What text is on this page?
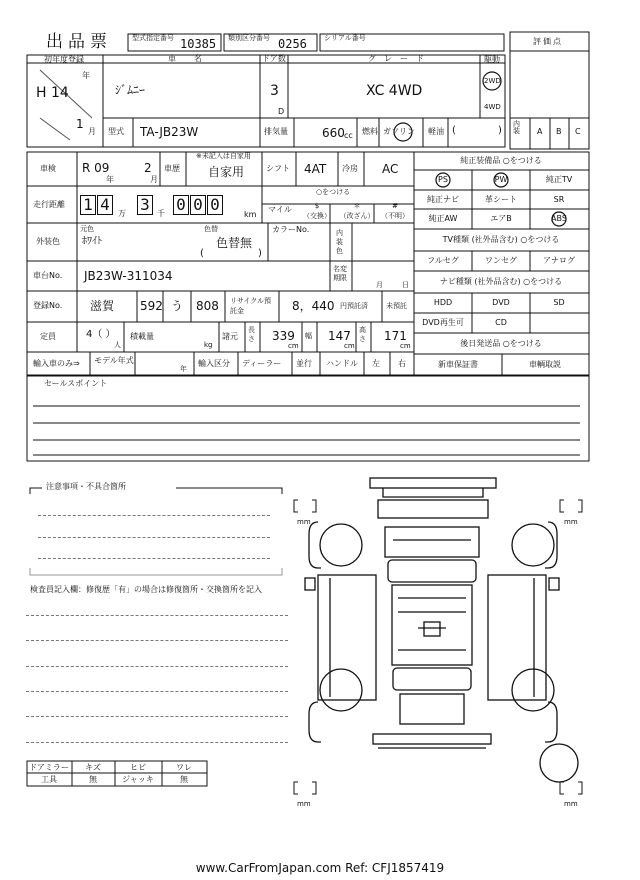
出品票	型式指定番号 10385 類別区分番号 0256 シリアル番号	評価点
初年度登録
年
H 14
1
月
車名
ｼﾞﾑﾆｰ
ドア数
3
D
グレード
XC 4WD
駆動
2WD
4WD
型式 TA-JB23W	排気量	660 cc 燃料 ガソリン 軽油 (	)
内装	A B C
車検 R 09
年
2
月
車歴
※未記入は自家用
自家用	シフト 4AT 冷房 AC
走行距離 1 4	万 3 千 0 0 0
km
○をつける
マイル	$
（交換）
＊
（改ざん）
#
（不明）
外装色
元色
ﾎﾜｲﾄ
色替
色替無
(	)
カラーNo.	内装色
車台No. JB23W-311034	名変期限
月	日
登録No. 滋賀 592 う 808 リサイクル預託金	8，440 円預託済	未預託
定員	4（ ）
人
積載量
kg
諸元
長さ 339
cm
幅 147
cm
高さ 171
cm
輸入車のみ⇒ モデル年式
年
輸入区分 ディーラー 並行 ハンドル 左 右
純正装備品 ○をつける
PS	PW	純正TV
純正ナビ	革シート	SR
純正AW	エアB	ABS
TV種類 (社外品含む) ○をつける
フルセグ	ワンセグ	アナログ
ナビ種類 (社外品含む) ○をつける
HDD	DVD	SD
DVD再生可	CD
後日発送品 ○をつける
新車保証書	車輌取説
セールスポイント
注意事項・不具合箇所
検査員記入欄：修復歴「有」の場合は修復箇所・交換箇所を記入
mm	mm
mm	mm
ドアミラー キズ	ヒビ	ワレ
工具	無	ジャッキ	無
www.CarFromJapan.com Ref: CFJ1857419
